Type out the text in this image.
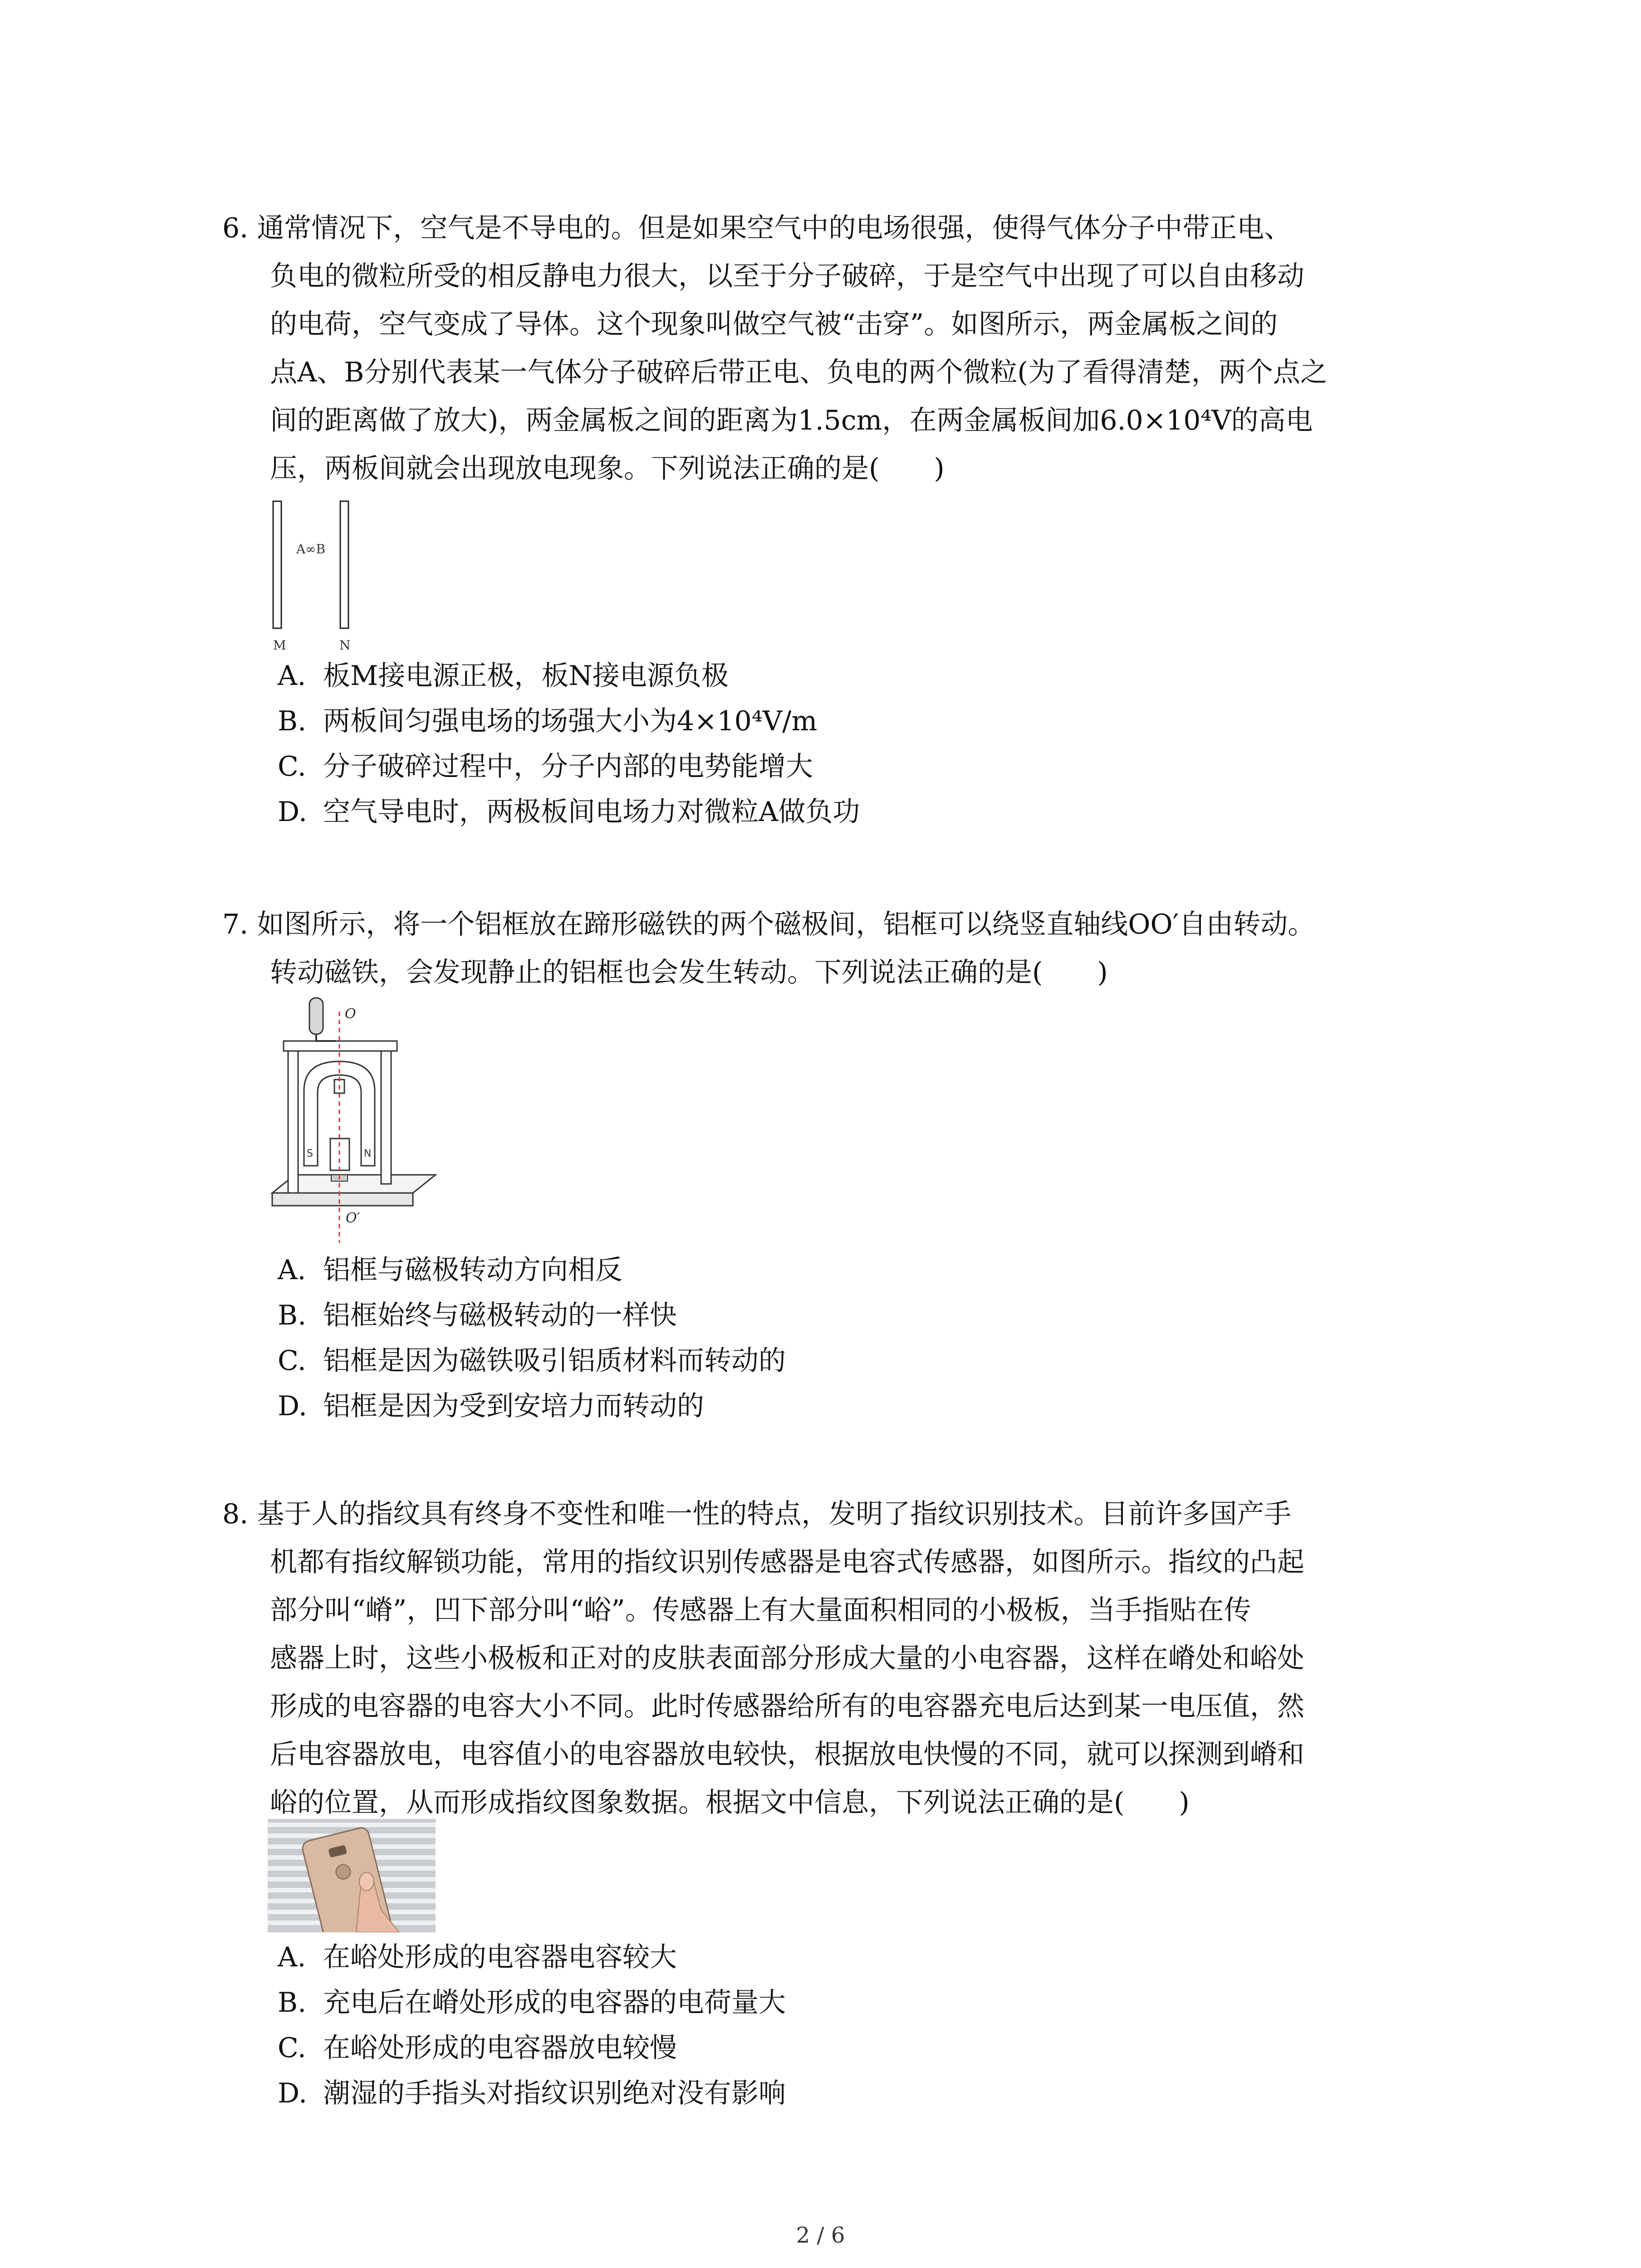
6. 通常情况下，空气是不导电的。但是如果空气中的电场很强，使得气体分子中带正电、
负电的微粒所受的相反静电力很大，以至于分子破碎，于是空气中出现了可以自由移动
的电荷，空气变成了导体。这个现象叫做空气被“击穿”。如图所示，两金属板之间的
点A、B分别代表某一气体分子破碎后带正电、负电的两个微粒(为了看得清楚，两个点之
间的距离做了放大)，两金属板之间的距离为1.5cm，在两金属板间加6.0×10⁴V的高电
压，两板间就会出现放电现象。下列说法正确的是(　　)
A∞B
M	N
A. 板M接电源正极，板N接电源负极
B. 两板间匀强电场的场强大小为4×10⁴V/m
C. 分子破碎过程中，分子内部的电势能增大
D. 空气导电时，两极板间电场力对微粒A做负功
7. 如图所示，将一个铝框放在蹄形磁铁的两个磁极间，铝框可以绕竖直轴线OO′自由转动。
转动磁铁，会发现静止的铝框也会发生转动。下列说法正确的是(　　)
S	N
O
O′
A. 铝框与磁极转动方向相反
B. 铝框始终与磁极转动的一样快
C. 铝框是因为磁铁吸引铝质材料而转动的
D. 铝框是因为受到安培力而转动的
8. 基于人的指纹具有终身不变性和唯一性的特点，发明了指纹识别技术。目前许多国产手
机都有指纹解锁功能，常用的指纹识别传感器是电容式传感器，如图所示。指纹的凸起
部分叫“嵴”，凹下部分叫“峪”。传感器上有大量面积相同的小极板，当手指贴在传
感器上时，这些小极板和正对的皮肤表面部分形成大量的小电容器，这样在嵴处和峪处
形成的电容器的电容大小不同。此时传感器给所有的电容器充电后达到某一电压值，然
后电容器放电，电容值小的电容器放电较快，根据放电快慢的不同，就可以探测到嵴和
峪的位置，从而形成指纹图象数据。根据文中信息，下列说法正确的是(　　)
A. 在峪处形成的电容器电容较大
B. 充电后在嵴处形成的电容器的电荷量大
C. 在峪处形成的电容器放电较慢
D. 潮湿的手指头对指纹识别绝对没有影响
2 / 6
